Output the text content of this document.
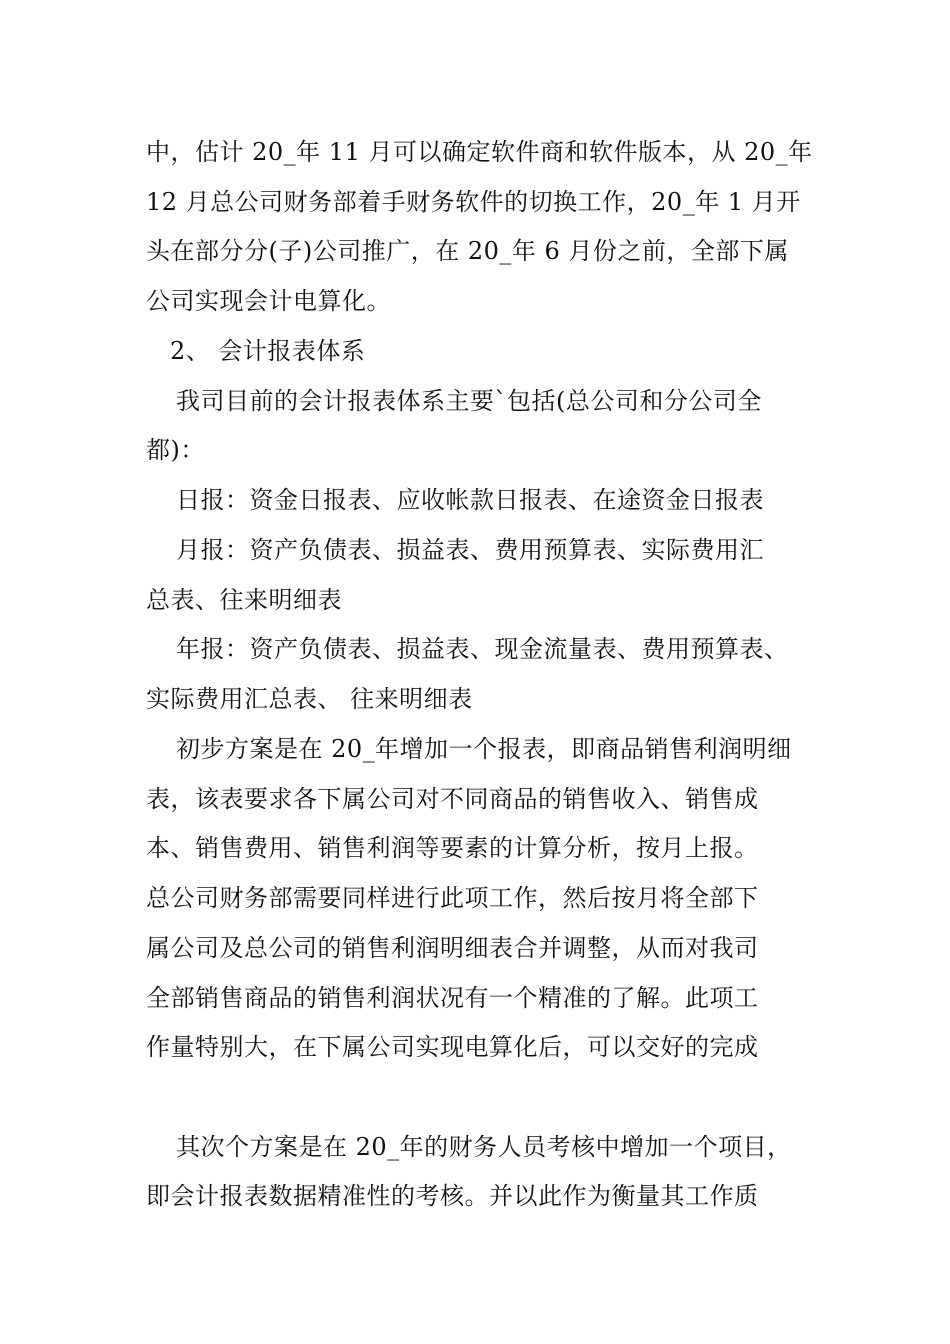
中，估计 20_年 11 月可以确定软件商和软件版本，从 20_年
12 月总公司财务部着手财务软件的切换工作，20_年 1 月开
头在部分分(子)公司推广，在 20_年 6 月份之前，全部下属
公司实现会计电算化。
2、 会计报表体系
我司目前的会计报表体系主要`包括(总公司和分公司全
都)：
日报：资金日报表、应收帐款日报表、在途资金日报表
月报：资产负债表、损益表、费用预算表、实际费用汇
总表、往来明细表
年报：资产负债表、损益表、现金流量表、费用预算表、
实际费用汇总表、 往来明细表
初步方案是在 20_年增加一个报表，即商品销售利润明细
表，该表要求各下属公司对不同商品的销售收入、销售成
本、销售费用、销售利润等要素的计算分析，按月上报。
总公司财务部需要同样进行此项工作，然后按月将全部下
属公司及总公司的销售利润明细表合并调整，从而对我司
全部销售商品的销售利润状况有一个精准的了解。此项工
作量特别大，在下属公司实现电算化后，可以交好的完成
其次个方案是在 20_年的财务人员考核中增加一个项目，
即会计报表数据精准性的考核。并以此作为衡量其工作质
